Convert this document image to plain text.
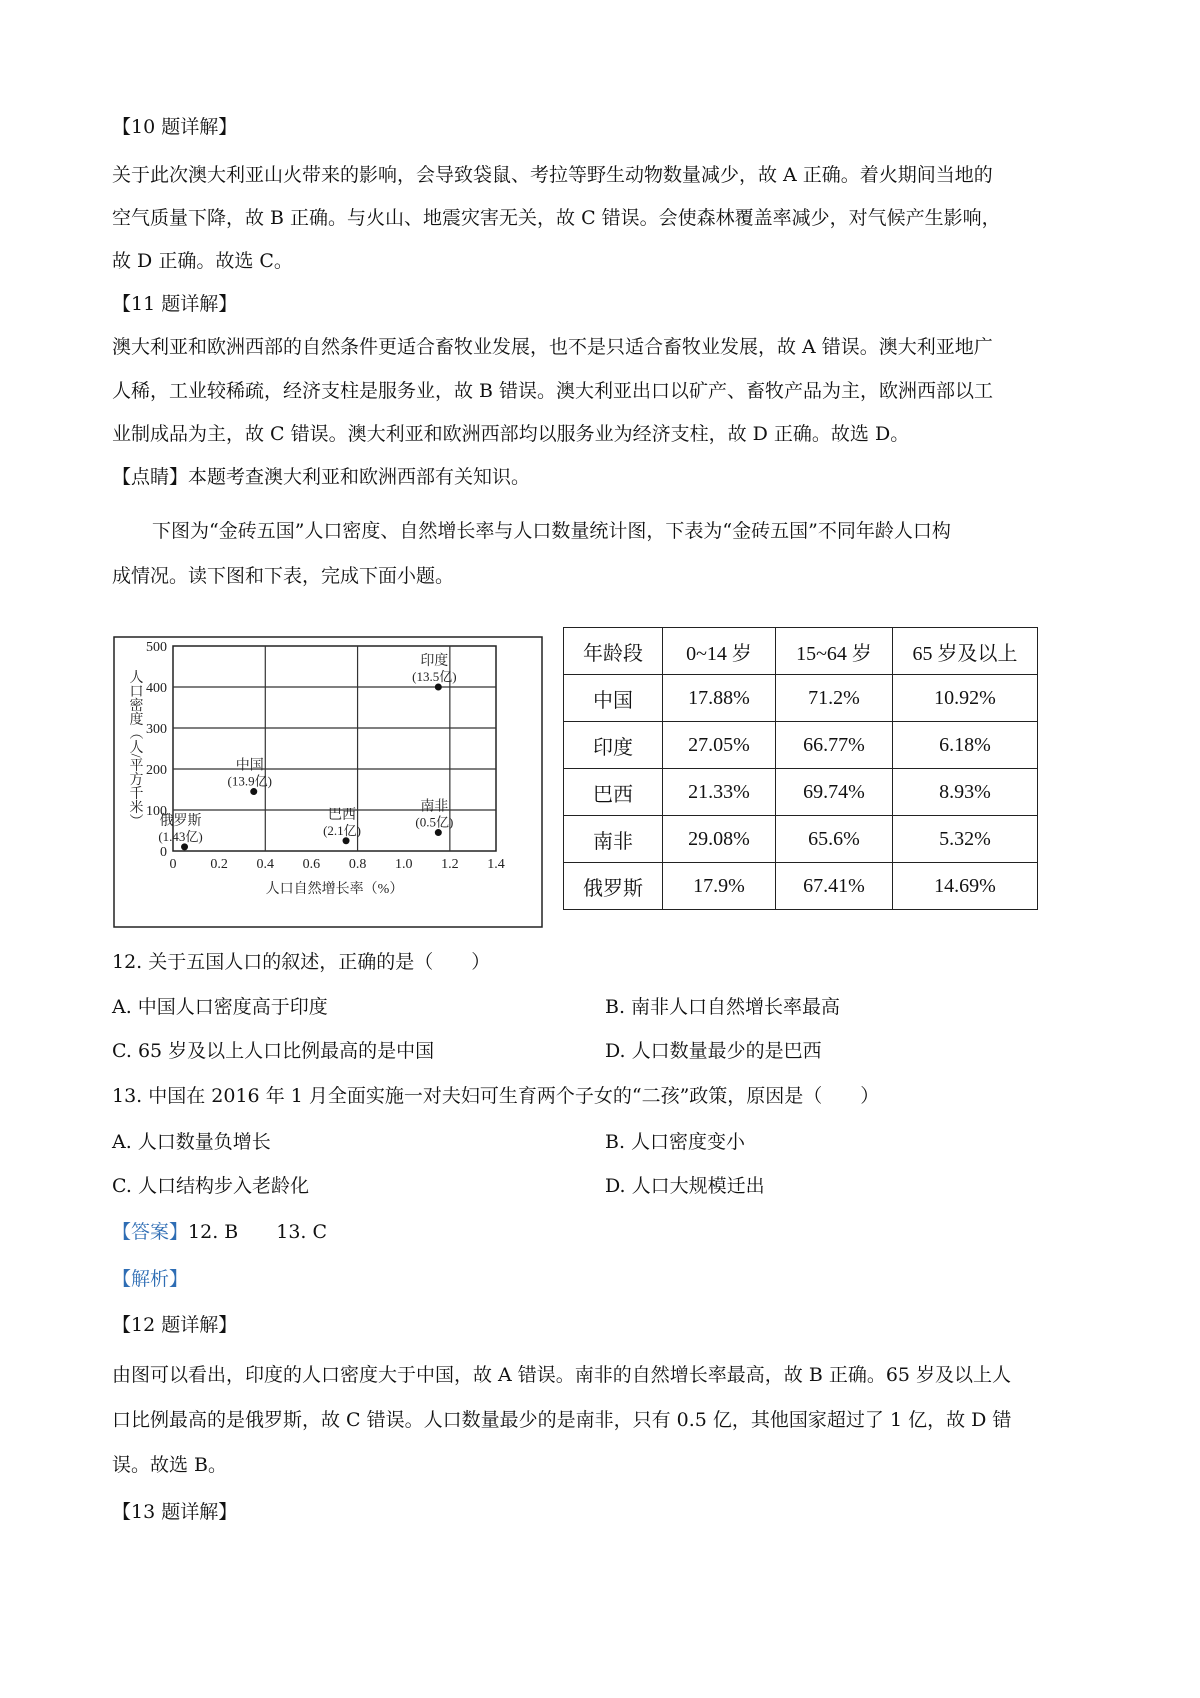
【10 题详解】

关于此次澳大利亚山火带来的影响，会导致袋鼠、考拉等野生动物数量减少，故 A 正确。着火期间当地的

空气质量下降，故 B 正确。与火山、地震灾害无关，故 C 错误。会使森林覆盖率减少，对气候产生影响，

故 D 正确。故选 C。

【11 题详解】

澳大利亚和欧洲西部的自然条件更适合畜牧业发展，也不是只适合畜牧业发展，故 A 错误。澳大利亚地广

人稀，工业较稀疏，经济支柱是服务业，故 B 错误。澳大利亚出口以矿产、畜牧产品为主，欧洲西部以工

业制成品为主，故 C 错误。澳大利亚和欧洲西部均以服务业为经济支柱，故 D 正确。故选 D。

【点睛】本题考查澳大利亚和欧洲西部有关知识。

下图为“金砖五国”人口密度、自然增长率与人口数量统计图，下表为“金砖五国”不同年龄人口构

成情况。读下图和下表，完成下面小题。

0
100
200
300
400
500
0 0.2 0.4 0.6 0.8 1.0 1.2 1.4
人口自然增长率（%）
人口密度（人/平方千米）
印度
(13.5亿)
中国
(13.9亿)
巴西
(2.1亿)
南非
(0.5亿)
俄罗斯
(1.43亿)
年龄段	0~14 岁	15~64 岁	65 岁及以上
中国	17.88%	71.2%	10.92%
印度	27.05%	66.77%	6.18%
巴西	21.33%	69.74%	8.93%
南非	29.08%	65.6%	5.32%
俄罗斯	17.9%	67.41%	14.69%

12. 关于五国人口的叙述，正确的是（　　）

A. 中国人口密度高于印度	B. 南非人口自然增长率最高
C. 65 岁及以上人口比例最高的是中国	D. 人口数量最少的是巴西

13. 中国在 2016 年 1 月全面实施一对夫妇可生育两个子女的“二孩”政策，原因是（　　）

A. 人口数量负增长	B. 人口密度变小
C. 人口结构步入老龄化	D. 人口大规模迁出

【答案】12. B　　13. C

【解析】

【12 题详解】

由图可以看出，印度的人口密度大于中国，故 A 错误。南非的自然增长率最高，故 B 正确。65 岁及以上人

口比例最高的是俄罗斯，故 C 错误。人口数量最少的是南非，只有 0.5 亿，其他国家超过了 1 亿，故 D 错

误。故选 B。

【13 题详解】
